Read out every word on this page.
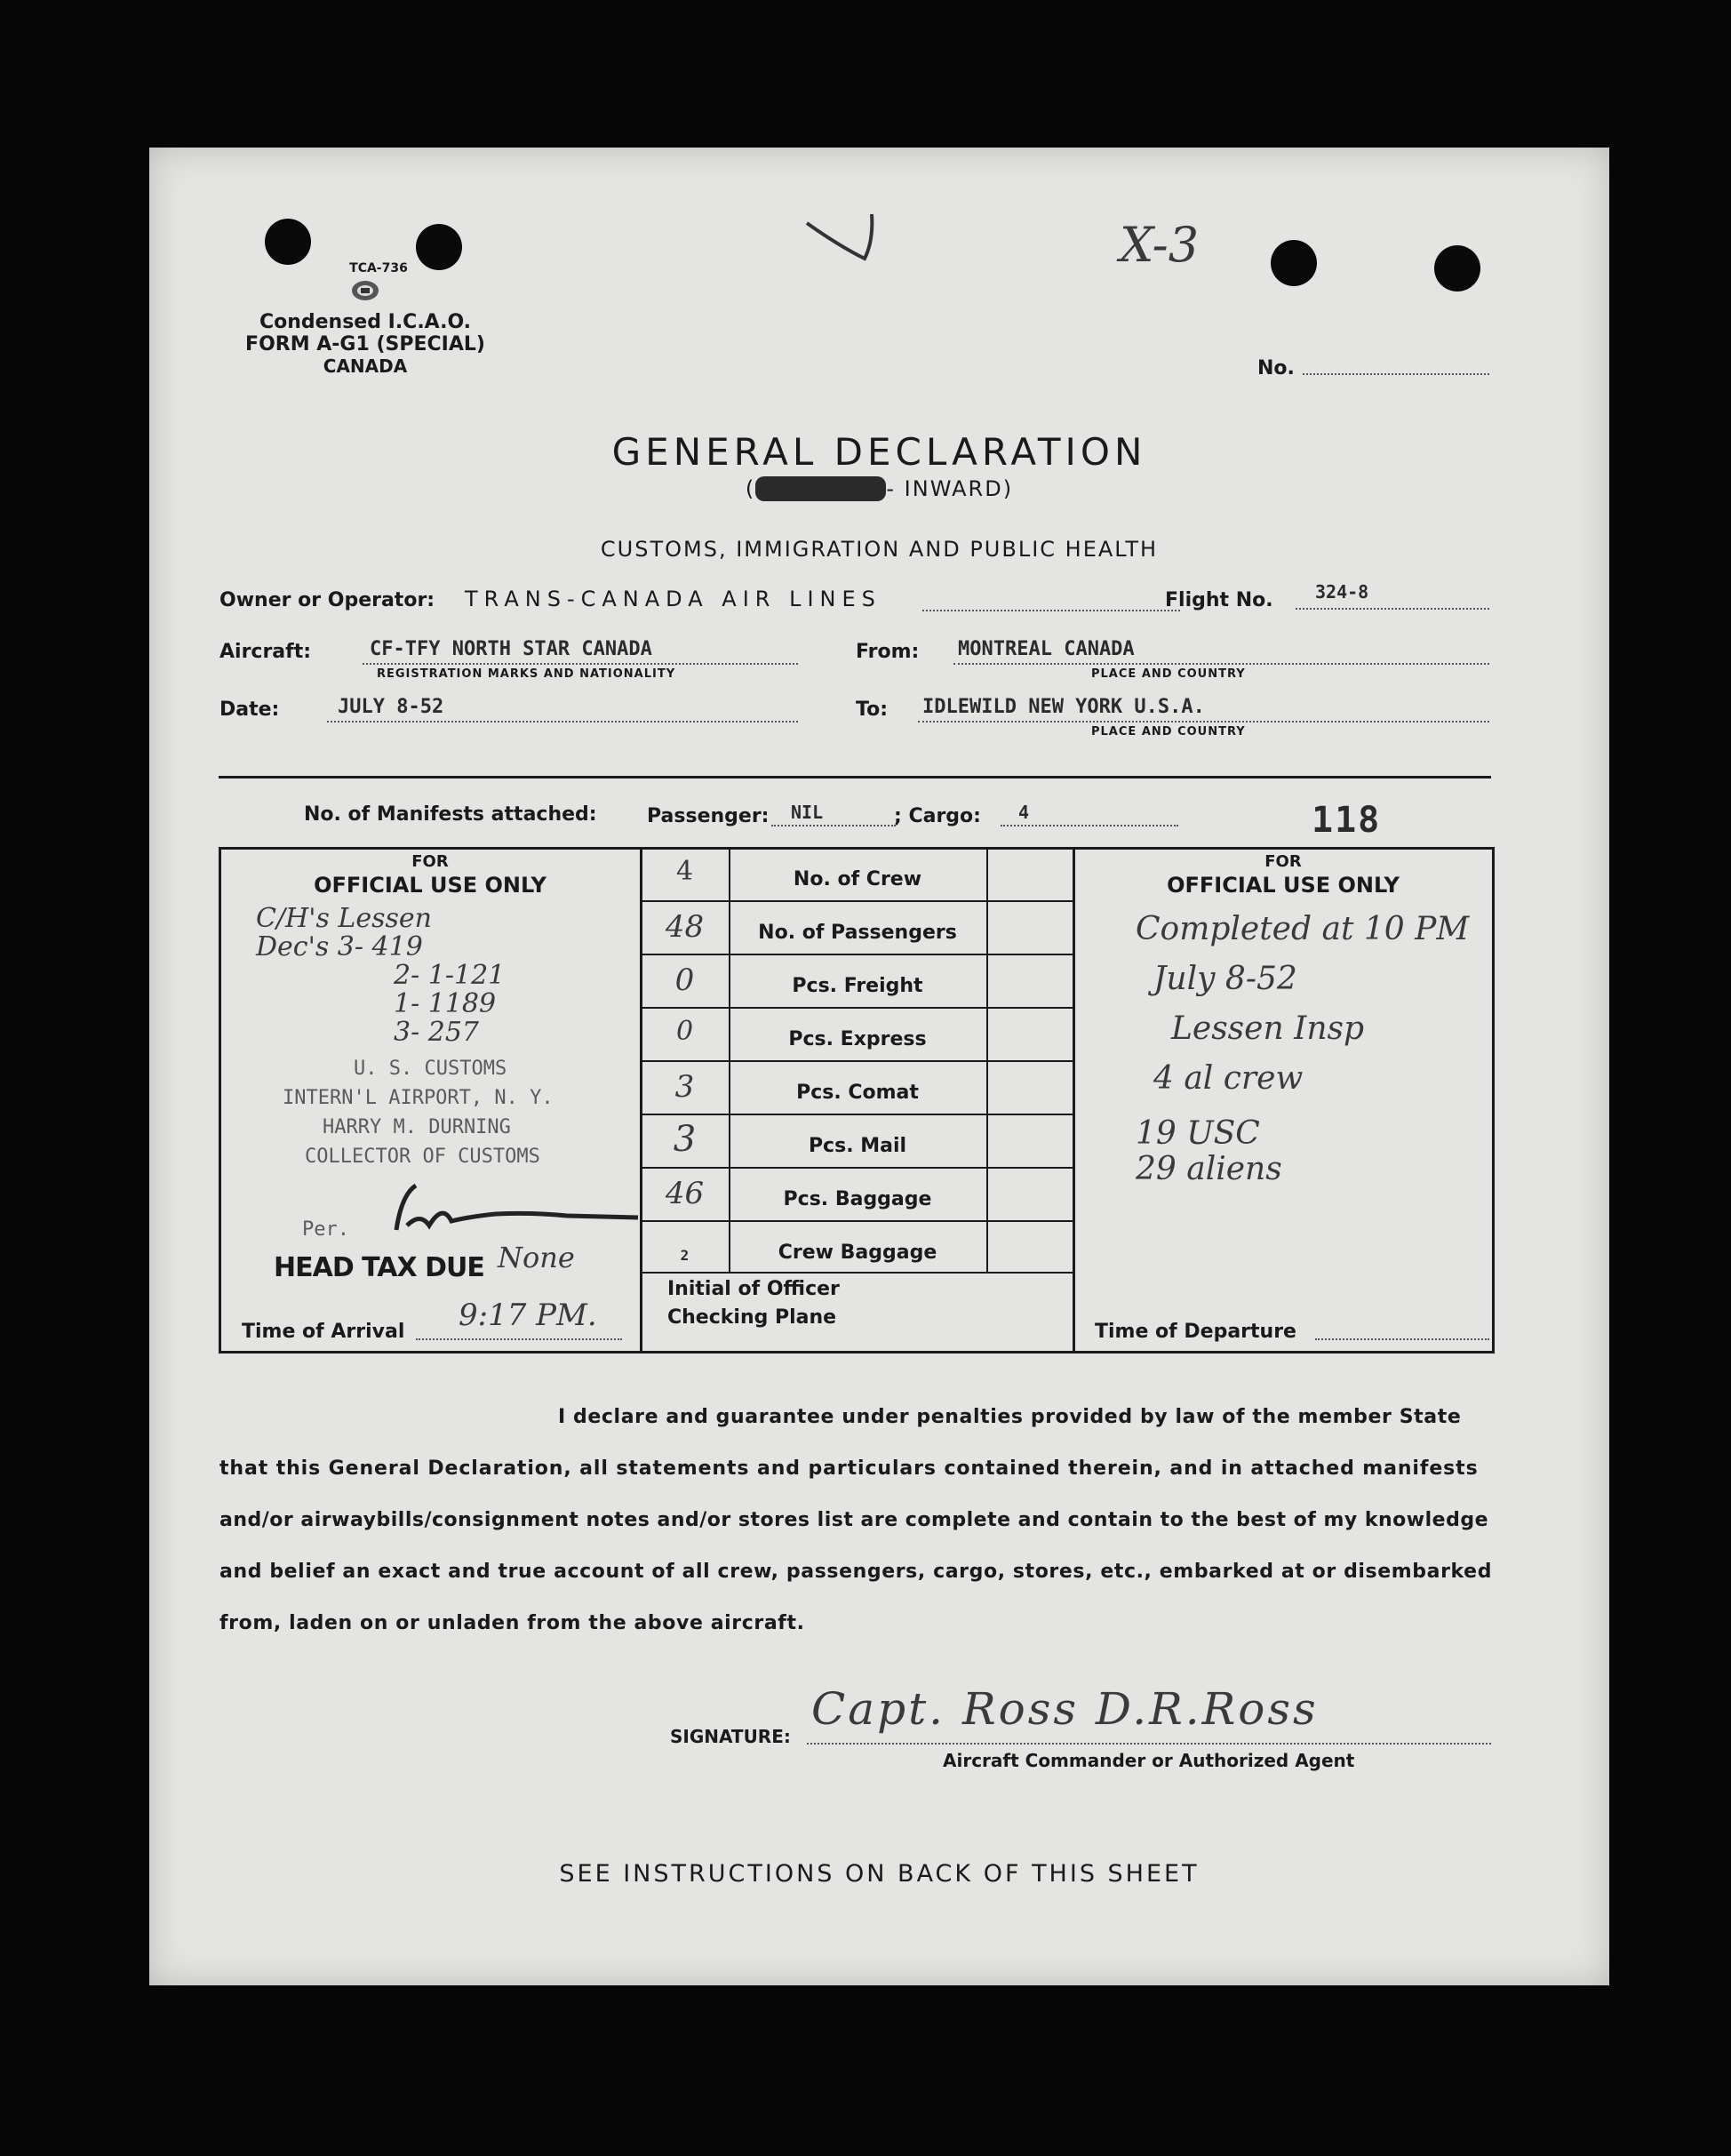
X-3
TCA-736
Condensed I.C.A.O.
FORM A-G1 (SPECIAL)
CANADA	No.
GENERAL DECLARATION
( OUTWARD - INWARD)
CUSTOMS, IMMIGRATION AND PUBLIC HEALTH
Owner or Operator: TRANS-CANADA AIR LINES	Flight No. 324-8
Aircraft:	CF-TFY NORTH STAR CANADA
REGISTRATION MARKS AND NATIONALITY
From: MONTREAL CANADA
PLACE AND COUNTRY
Date:	JULY 8-52	To: IDLEWILD NEW YORK U.S.A.
PLACE AND COUNTRY
No. of Manifests attached:	Passenger: NIL	; Cargo: 4	118
FOR
OFFICIAL USE ONLY
C/H's Lessen
Dec's 3- 419
2- 1-121
1- 1189
3- 257
U. S. CUSTOMS
INTERN'L AIRPORT, N. Y.
HARRY M. DURNING
COLLECTOR OF CUSTOMS
Per.
HEAD TAX DUE None
Time of Arrival 9:17 PM.
4	No. of Crew
48	No. of Passengers
0	Pcs. Freight
0	Pcs. Express
3	Pcs. Comat
3	Pcs. Mail
46	Pcs. Baggage
2	Crew Baggage
Initial of Officer
Checking Plane
FOR
OFFICIAL USE ONLY
Completed at 10 PM
July 8-52
Lessen Insp
4 al crew
19 USC
29 aliens
Time of Departure
I declare and guarantee under penalties provided by law of the member State
that this General Declaration, all statements and particulars contained therein, and in attached manifests
and/or airwaybills/consignment notes and/or stores list are complete and contain to the best of my knowledge
and belief an exact and true account of all crew, passengers, cargo, stores, etc., embarked at or disembarked
from, laden on or unladen from the above aircraft.
SIGNATURE:
Capt. Ross D.R.Ross
Aircraft Commander or Authorized Agent
SEE INSTRUCTIONS ON BACK OF THIS SHEET
